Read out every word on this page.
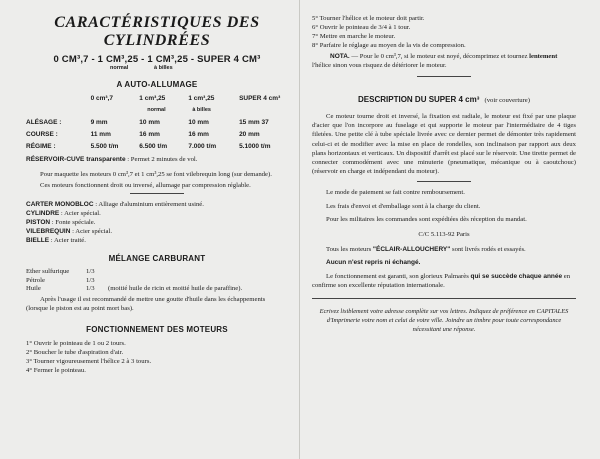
CARACTÉRISTIQUES DES CYLINDRÉES
0 CM³,7 - 1 CM³,25 - 1 CM³,25 - SUPER 4 CM³
normal	à billes
A AUTO-ALLUMAGE
	0 cm³,7	1 cm³,25	1 cm³,25	SUPER 4 cm³
		normal	à billes	
ALÉSAGE :	9 mm	10 mm	10 mm	15 mm 37
COURSE :	11 mm	16 mm	16 mm	20 mm
RÉGIME :	5.500 t/m	6.500 t/m	7.000 t/m	5.1000 t/m

RÉSERVOIR-CUVE transparente : Permet 2 minutes de vol.

Pour maquette les moteurs 0 cm³,7 et 1 cm³,25 se font vilebrequin long (sur demande).

Ces moteurs fonctionnent droit ou inversé, allumage par compression réglable.

CARTER MONOBLOC : Alliage d'aluminium entièrement usiné.

CYLINDRE : Acier spécial.

PISTON : Fonte spéciale.

VILEBREQUIN : Acier spécial.

BIELLE : Acier traité.

MÉLANGE CARBURANT
Ether sulfurique	1/3	
Pétrole	1/3	
Huile	1/3	(moitié huile de ricin et moitié huile de paraffine).

Après l'usage il est recommandé de mettre une goutte d'huile dans les échappements (lorsque le piston est au point mort bas).

FONCTIONNEMENT DES MOTEURS
1° Ouvrir le pointeau de 1 ou 2 tours.
2° Boucher le tube d'aspiration d'air.
3° Tourner vigoureusement l'hélice 2 à 3 tours.
4° Fermer le pointeau.
5° Tourner l'hélice et le moteur doit partir.
6° Ouvrir le pointeau de 3/4 à 1 tour.
7° Mettre en marche le moteur.
8° Parfaire le réglage au moyen de la vis de compression.

NOTA. — Pour le 0 cm³,7, si le moteur est noyé, décomprimez et tournez lentement l'hélice sinon vous risquez de détériorer le moteur.

DESCRIPTION DU SUPER 4 cm³ (voir couverture)

Ce moteur tourne droit et inversé, la fixation est radiale, le moteur est fixé par une plaque d'acier que l'on incorpore au fuselage et qui supporte le moteur par l'intermédiaire de 4 tiges filetées. Une petite clé à tube spéciale livrée avec ce dernier permet de démonter très rapidement celui-ci et de modifier avec la mise en place de rondelles, son inclinaison par rapport aux deux plans horizontaux et verticaux. Un dispositif d'arrêt est placé sur le réservoir. Une tirette permet de connecter commodément avec une minuterie (pneumatique, mécanique ou à caoutchouc) (réservoir en charge et indépendant du moteur).

Le mode de paiement se fait contre remboursement.

Les frais d'envoi et d'emballage sont à la charge du client.

Pour les militaires les commandes sont expédiées dès réception du mandat.

C/C 5.113-92 Paris

Tous les moteurs "ÉCLAIR-ALLOUCHERY" sont livrés rodés et essayés.

Aucun n'est repris ni échangé.

Le fonctionnement est garanti, son glorieux Palmarès qui se succède chaque année en confirme son excellente réputation internationale.

Ecrivez lisiblement votre adresse complète sur vos lettres. Indiquez de préférence en CAPITALES d'Imprimerie votre nom et celui de votre ville. Joindre un timbre pour toute correspondance nécessitant une réponse.
